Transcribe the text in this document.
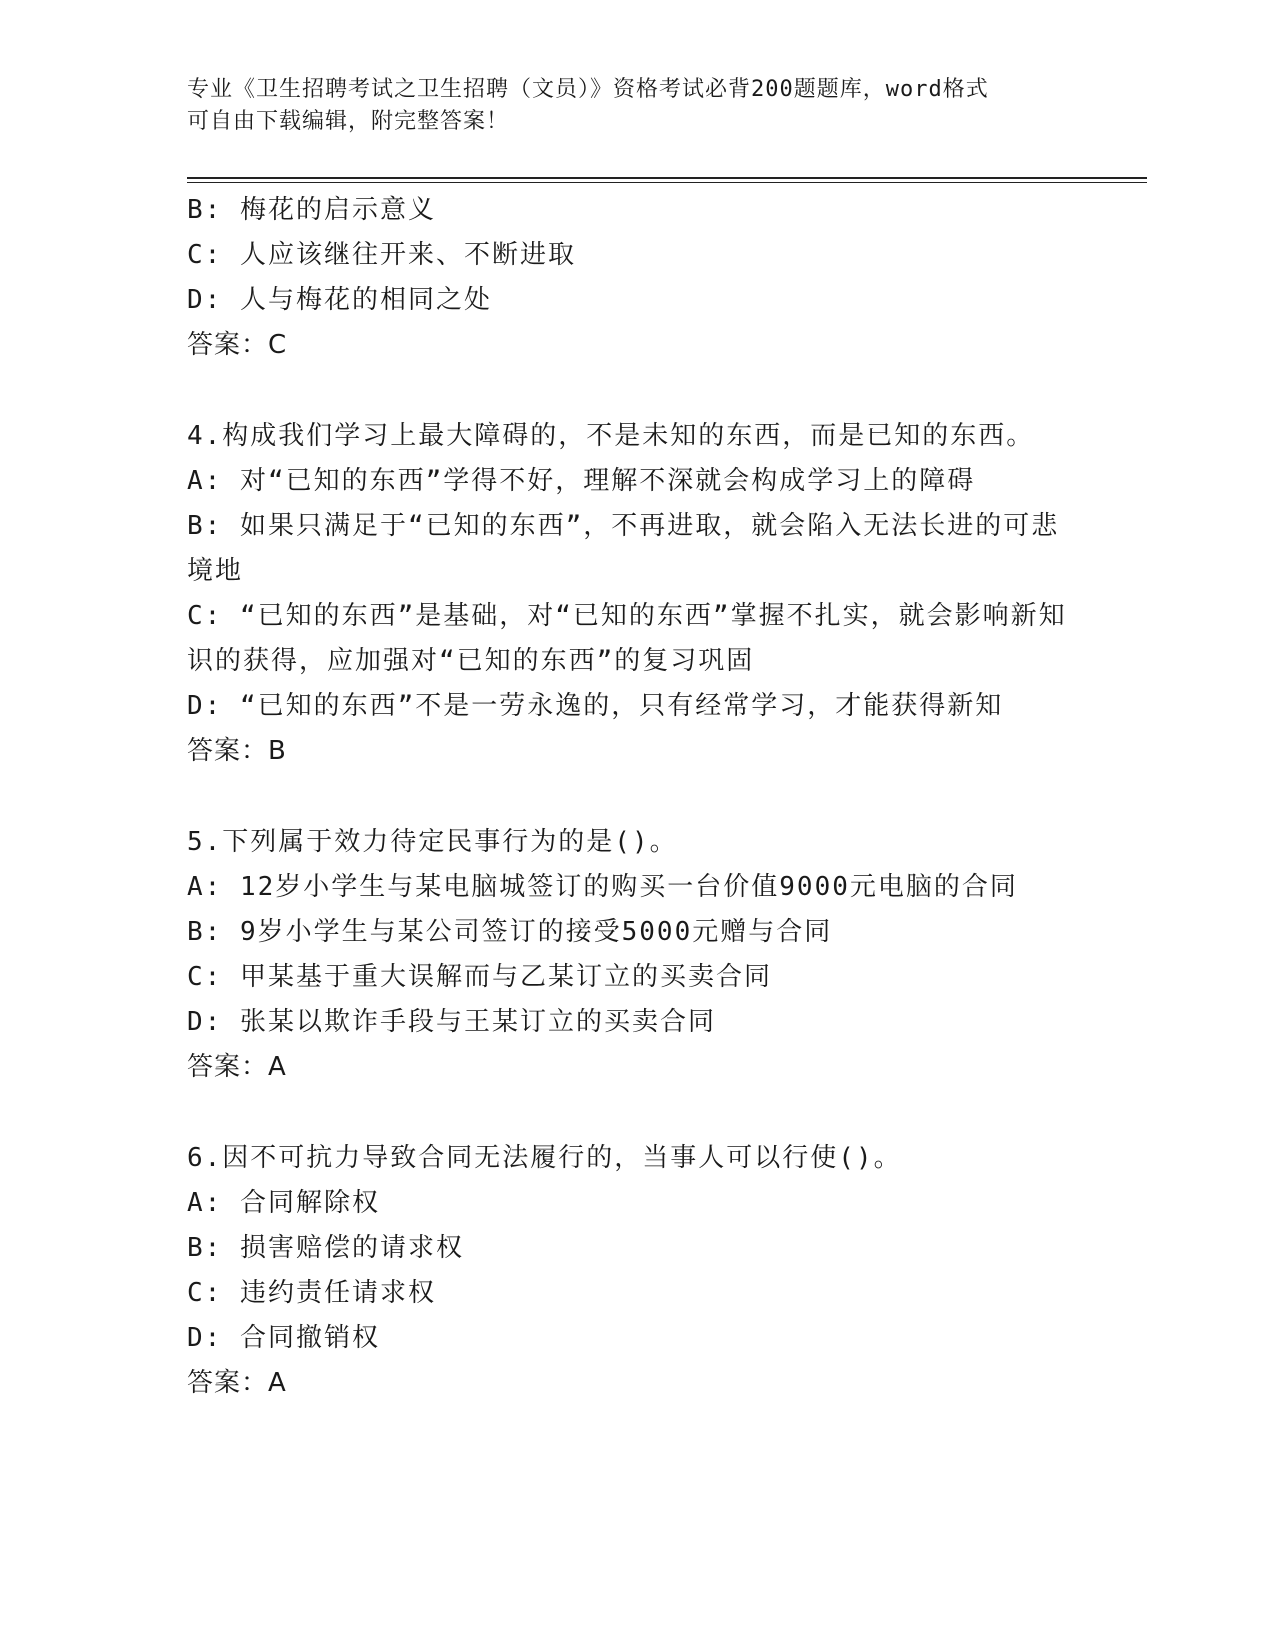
专业《卫生招聘考试之卫生招聘（文员）》资格考试必背200题题库，word格式
可自由下载编辑，附完整答案！

B: 梅花的启示意义

C: 人应该继往开来、不断进取

D: 人与梅花的相同之处

答案：C

4.构成我们学习上最大障碍的，不是未知的东西，而是已知的东西。

A: 对“已知的东西”学得不好，理解不深就会构成学习上的障碍

B: 如果只满足于“已知的东西”，不再进取，就会陷入无法长进的可悲境地

C: “已知的东西”是基础，对“已知的东西”掌握不扎实，就会影响新知识的获得，应加强对“已知的东西”的复习巩固

D: “已知的东西”不是一劳永逸的，只有经常学习，才能获得新知

答案：B

5.下列属于效力待定民事行为的是()。

A: 12岁小学生与某电脑城签订的购买一台价值9000元电脑的合同

B: 9岁小学生与某公司签订的接受5000元赠与合同

C: 甲某基于重大误解而与乙某订立的买卖合同

D: 张某以欺诈手段与王某订立的买卖合同

答案：A

6.因不可抗力导致合同无法履行的，当事人可以行使()。

A: 合同解除权

B: 损害赔偿的请求权

C: 违约责任请求权

D: 合同撤销权

答案：A
